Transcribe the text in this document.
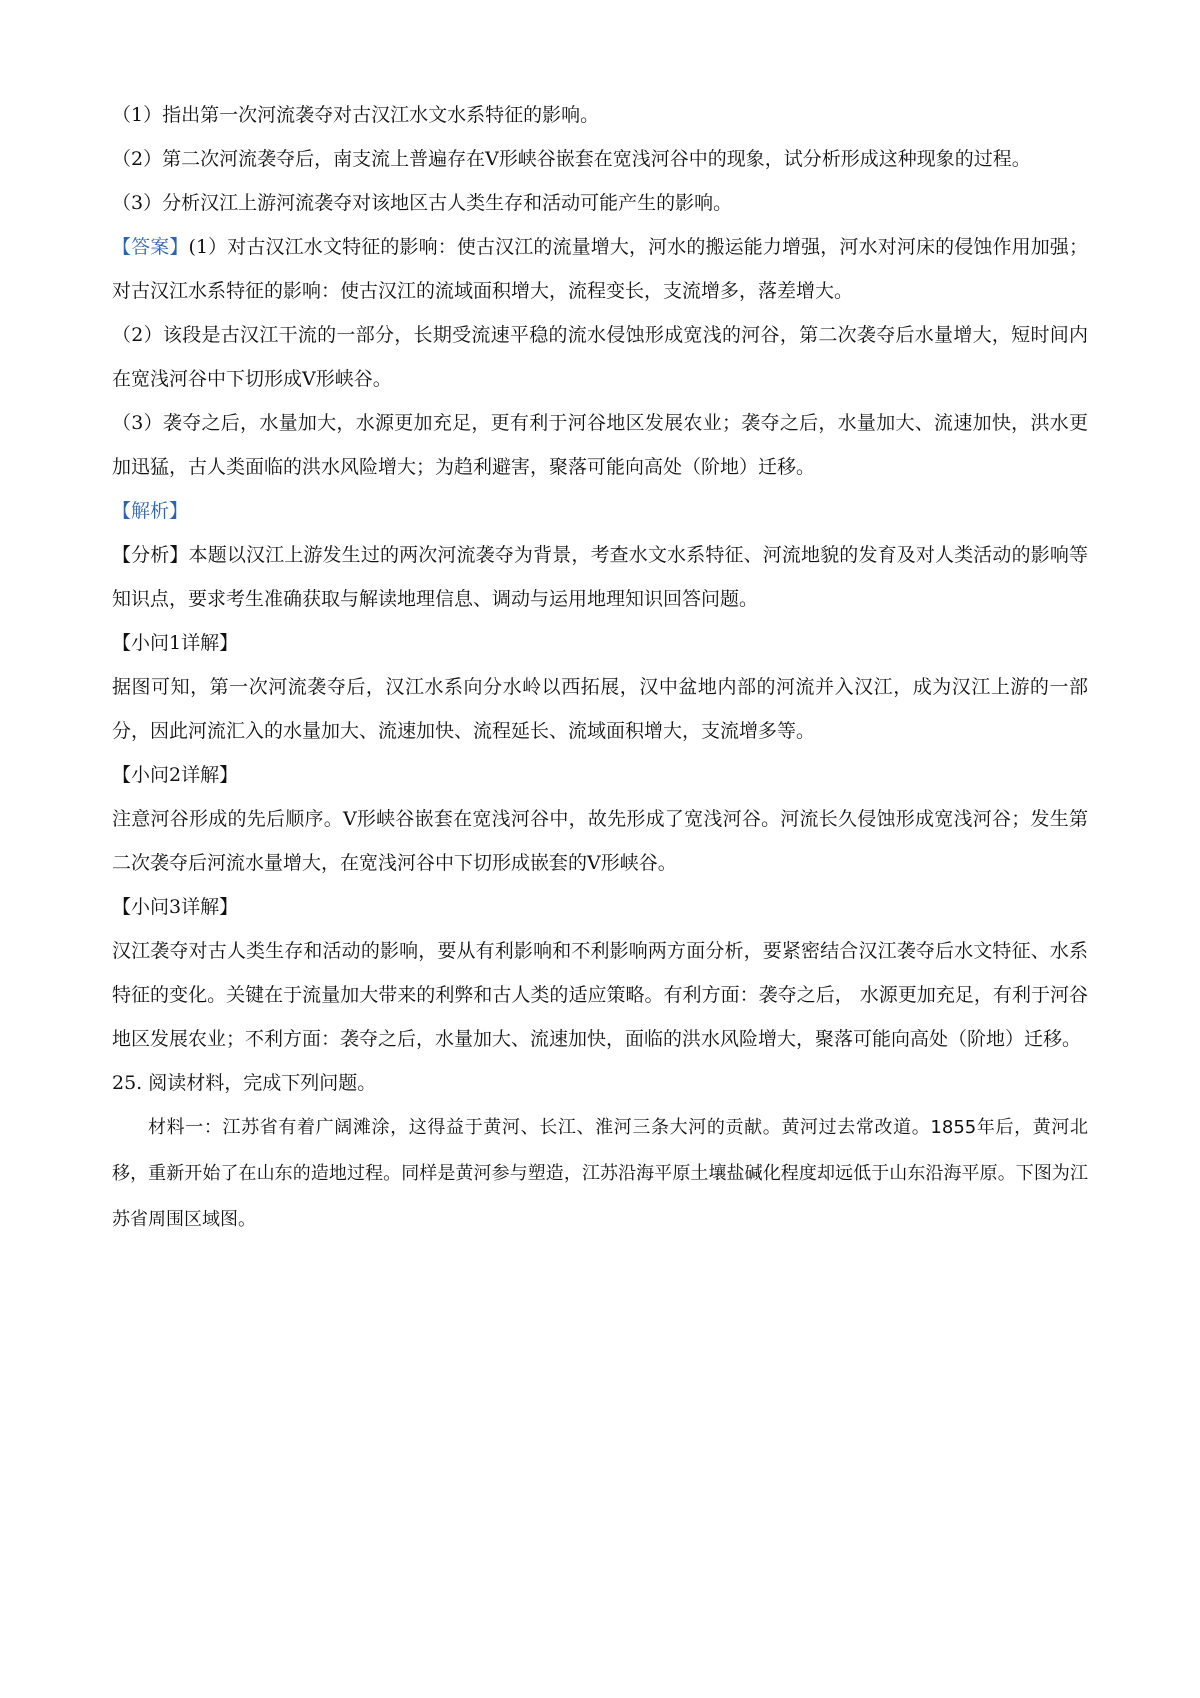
（1）指出第一次河流袭夺对古汉江水文水系特征的影响。

（2）第二次河流袭夺后，南支流上普遍存在V形峡谷嵌套在宽浅河谷中的现象，试分析形成这种现象的过程。

（3）分析汉江上游河流袭夺对该地区古人类生存和活动可能产生的影响。

【答案】(1）对古汉江水文特征的影响：使古汉江的流量增大，河水的搬运能力增强，河水对河床的侵蚀作用加强；对古汉江水系特征的影响：使古汉江的流域面积增大，流程变长，支流增多，落差增大。

（2）该段是古汉江干流的一部分，长期受流速平稳的流水侵蚀形成宽浅的河谷，第二次袭夺后水量增大，短时间内在宽浅河谷中下切形成V形峡谷。

（3）袭夺之后，水量加大，水源更加充足，更有利于河谷地区发展农业；袭夺之后，水量加大、流速加快，洪水更加迅猛，古人类面临的洪水风险增大；为趋利避害，聚落可能向高处（阶地）迁移。

【解析】

【分析】本题以汉江上游发生过的两次河流袭夺为背景，考查水文水系特征、河流地貌的发育及对人类活动的影响等知识点，要求考生准确获取与解读地理信息、调动与运用地理知识回答问题。

【小问1详解】

据图可知，第一次河流袭夺后，汉江水系向分水岭以西拓展，汉中盆地内部的河流并入汉江，成为汉江上游的一部分，因此河流汇入的水量加大、流速加快、流程延长、流域面积增大，支流增多等。

【小问2详解】

注意河谷形成的先后顺序。V形峡谷嵌套在宽浅河谷中，故先形成了宽浅河谷。河流长久侵蚀形成宽浅河谷；发生第二次袭夺后河流水量增大，在宽浅河谷中下切形成嵌套的V形峡谷。

【小问3详解】

汉江袭夺对古人类生存和活动的影响，要从有利影响和不利影响两方面分析，要紧密结合汉江袭夺后水文特征、水系特征的变化。关键在于流量加大带来的利弊和古人类的适应策略。有利方面：袭夺之后， 水源更加充足，有利于河谷地区发展农业；不利方面：袭夺之后，水量加大、流速加快，面临的洪水风险增大，聚落可能向高处（阶地）迁移。

25. 阅读材料，完成下列问题。

材料一：江苏省有着广阔滩涂，这得益于黄河、长江、淮河三条大河的贡献。黄河过去常改道。1855年后，黄河北移，重新开始了在山东的造地过程。同样是黄河参与塑造，江苏沿海平原土壤盐碱化程度却远低于山东沿海平原。下图为江苏省周围区域图。
